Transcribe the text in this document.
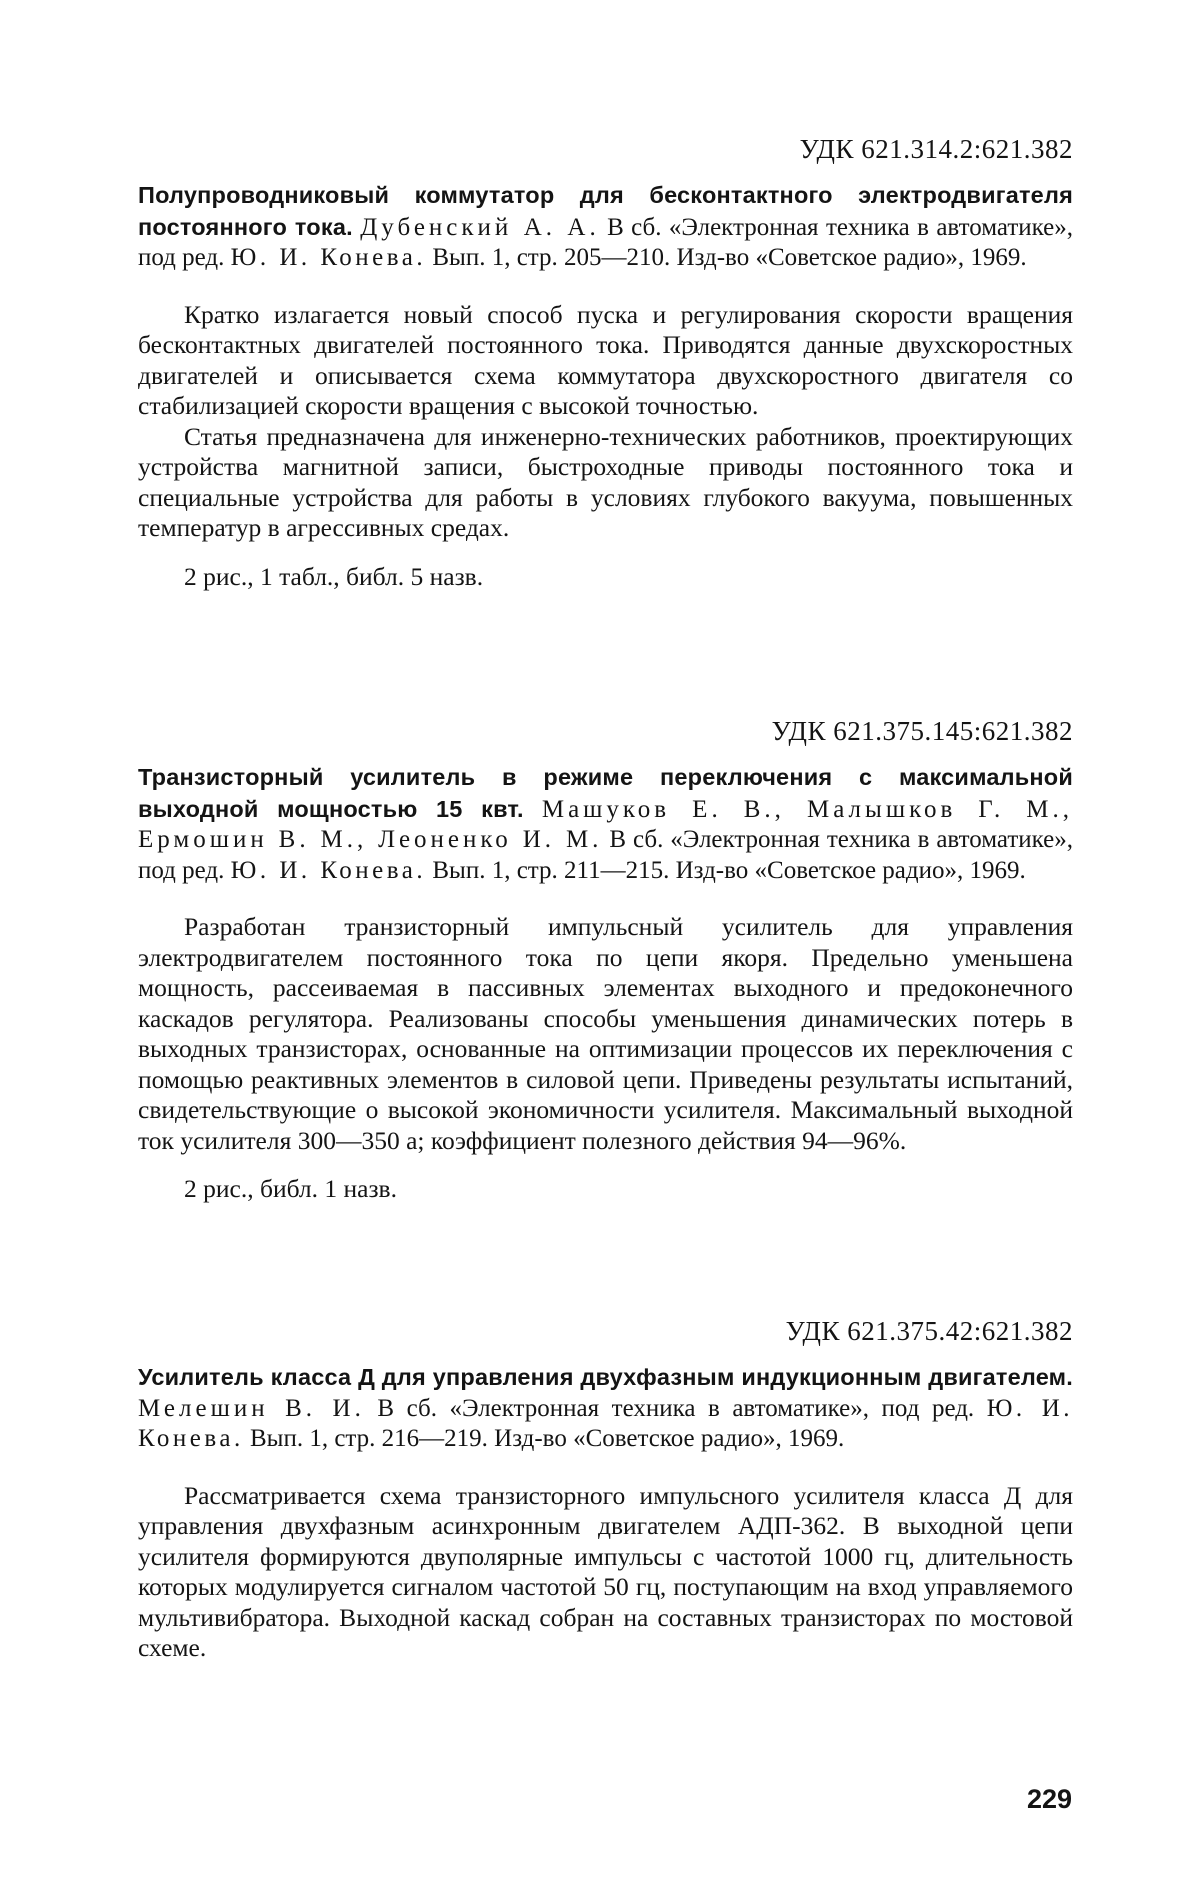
УДК 621.314.2:621.382

Полупроводниковый коммутатор для бесконтактного электродвигателя постоянного тока. Дубенский А. А. В сб. «Электронная техника в автоматике», под ред. Ю. И. Конева. Вып. 1, стр. 205—210. Изд-во «Советское радио», 1969.

Кратко излагается новый способ пуска и регулирования скорости вращения бесконтактных двигателей постоянного тока. Приводятся данные двухскоростных двигателей и описывается схема коммутатора двухскоростного двигателя со стабилизацией скорости вращения с высокой точностью.

Статья предназначена для инженерно-технических работников, проектирующих устройства магнитной записи, быстроходные приводы постоянного тока и специальные устройства для работы в условиях глубокого вакуума, повышенных температур в агрессивных средах.

2 рис., 1 табл., библ. 5 назв.

УДК 621.375.145:621.382

Транзисторный усилитель в режиме переключения с максимальной выходной мощностью 15 квт. Машуков Е. В., Малышков Г. М., Ермошин В. М., Леоненко И. М. В сб. «Электронная техника в автоматике», под ред. Ю. И. Конева. Вып. 1, стр. 211—215. Изд-во «Советское радио», 1969.

Разработан транзисторный импульсный усилитель для управления электродвигателем постоянного тока по цепи якоря. Предельно уменьшена мощность, рассеиваемая в пассивных элементах выходного и предоконечного каскадов регулятора. Реализованы способы уменьшения динамических потерь в выходных транзисторах, основанные на оптимизации процессов их переключения с помощью реактивных элементов в силовой цепи. Приведены результаты испытаний, свидетельствующие о высокой экономичности усилителя. Максимальный выходной ток усилителя 300—350 а; коэффициент полезного действия 94—96%.

2 рис., библ. 1 назв.

УДК 621.375.42:621.382

Усилитель класса Д для управления двухфазным индукционным двигателем. Мелешин В. И. В сб. «Электронная техника в автоматике», под ред. Ю. И. Конева. Вып. 1, стр. 216—219. Изд-во «Советское радио», 1969.

Рассматривается схема транзисторного импульсного усилителя класса Д для управления двухфазным асинхронным двигателем АДП-362. В выходной цепи усилителя формируются двуполярные импульсы с частотой 1000 гц, длительность которых модулируется сигналом частотой 50 гц, поступающим на вход управляемого мультивибратора. Выходной каскад собран на составных транзисторах по мостовой схеме.

229
